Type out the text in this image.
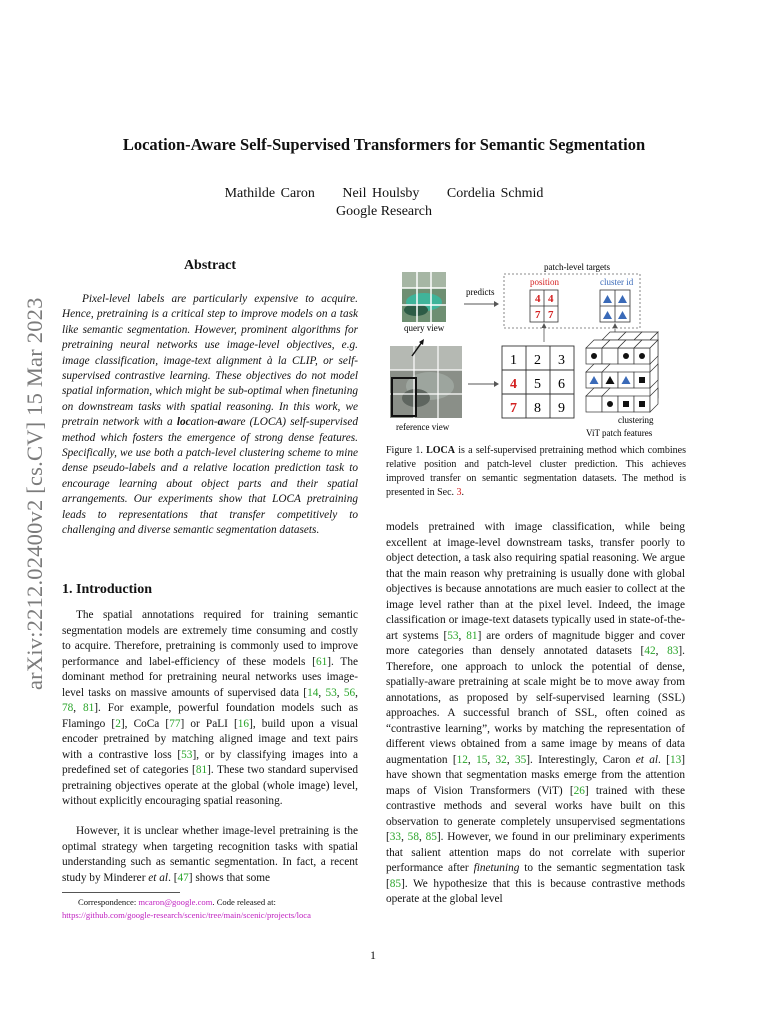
arXiv:2212.02400v2 [cs.CV] 15 Mar 2023
Location-Aware Self-Supervised Transformers for Semantic Segmentation
Mathilde Caron     Neil Houlsby     Cordelia Schmid
Google Research
Abstract

Pixel-level labels are particularly expensive to acquire. Hence, pretraining is a critical step to improve models on a task like semantic segmentation. However, prominent algorithms for pretraining neural networks use image-level objectives, e.g. image classification, image-text alignment à la CLIP, or self-supervised contrastive learning. These objectives do not model spatial information, which might be sub-optimal when finetuning on downstream tasks with spatial reasoning. In this work, we pretrain network with a location-aware (LOCA) self-supervised method which fosters the emergence of strong dense features. Specifically, we use both a patch-level clustering scheme to mine dense pseudo-labels and a relative location prediction task to encourage learning about object parts and their spatial arrangements. Our experiments show that LOCA pretraining leads to representations that transfer competitively to challenging and diverse semantic segmentation datasets.

1. Introduction

The spatial annotations required for training semantic segmentation models are extremely time consuming and costly to acquire. Therefore, pretraining is commonly used to improve performance and label-efficiency of these models [61]. The dominant method for pretraining neural networks uses image-level tasks on massive amounts of supervised data [14, 53, 56, 78, 81]. For example, powerful foundation models such as Flamingo [2], CoCa [77] or PaLI [16], build upon a visual encoder pretrained by matching aligned image and text pairs with a contrastive loss [53], or by classifying images into a predefined set of categories [81]. These two standard supervised pretraining objectives operate at the global (whole image) level, without explicitly encouraging spatial reasoning.

However, it is unclear whether image-level pretraining is the optimal strategy when targeting recognition tasks with spatial understanding such as semantic segmentation. In fact, a recent study by Minderer et al. [47] shows that some

Correspondence: mcaron@google.com. Code released at:
https://github.com/google-research/scenic/tree/main/scenic/projects/loca
query view
predicts
patch-level targets
position	cluster id
4 4
7 7
reference view
1 2 3
4 5 6
7 8 9
clustering
ViT patch features

Figure 1. LOCA is a self-supervised pretraining method which combines relative position and patch-level cluster prediction. This achieves improved transfer on semantic segmentation datasets. The method is presented in Sec. 3.

models pretrained with image classification, while being excellent at image-level downstream tasks, transfer poorly to object detection, a task also requiring spatial reasoning. We argue that the main reason why pretraining is usually done with global objectives is because annotations are much easier to collect at the image level rather than at the pixel level. Indeed, the image classification or image-text datasets typically used in state-of-the-art systems [53, 81] are orders of magnitude bigger and cover more categories than densely annotated datasets [42, 83]. Therefore, one approach to unlock the potential of dense, spatially-aware pretraining at scale might be to move away from annotations, as proposed by self-supervised learning (SSL) approaches. A successful branch of SSL, often coined as “contrastive learning”, works by matching the representation of different views obtained from a same image by means of data augmentation [12, 15, 32, 35]. Interestingly, Caron et al. [13] have shown that segmentation masks emerge from the attention maps of Vision Transformers (ViT) [26] trained with these contrastive methods and several works have built on this observation to generate completely unsupervised segmentations [33, 58, 85]. However, we found in our preliminary experiments that salient attention maps do not correlate with superior performance after finetuning to the semantic segmentation task [85]. We hypothesize that this is because contrastive methods operate at the global level

1
